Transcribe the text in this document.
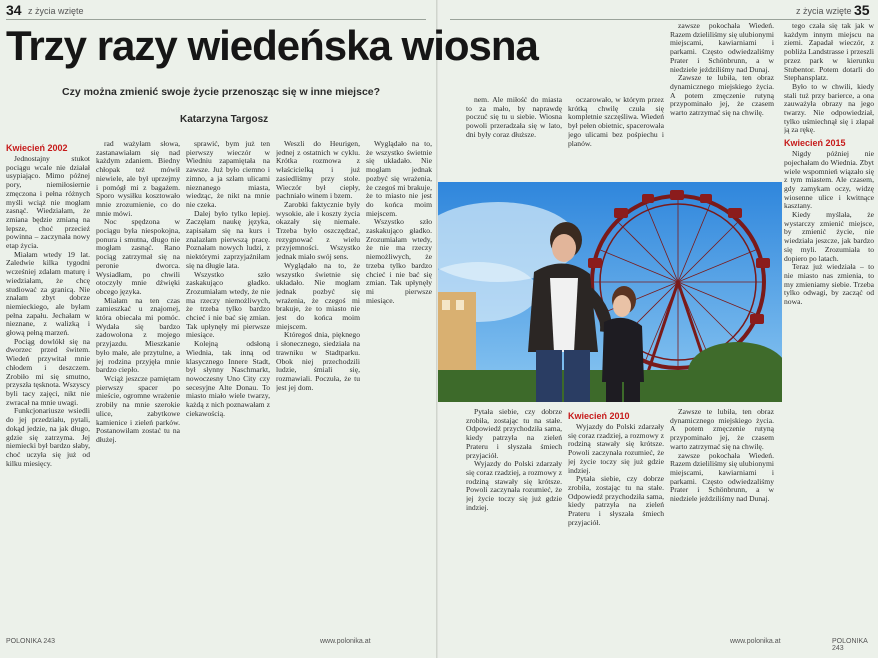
34 z życia wzięte
Kwiecień 2002

Jednostajny stukot pociągu wcale nie działał usypiająco. Mimo późnej pory, niemiłosiernie zmęczona i pełna różnych myśli wciąż nie mogłam zasnąć. Wiedziałam, że zmiana będzie zmianą na lepsze, choć przecież powinna – zaczynała nowy etap życia.

Miałam wtedy 19 lat. Zaledwie kilka tygodni wcześniej zdałam maturę i wiedziałam, że chcę studiować za granicą. Nie znałam zbyt dobrze niemieckiego, ale byłam pełna zapału. Jechałam w nieznane, z walizką i głową pełną marzeń.

Pociąg dowlókł się na dworzec przed świtem. Wiedeń przywitał mnie chłodem i deszczem. Zrobiło mi się smutno, przyszła tęsknota. Wszyscy byli tacy zajęci, nikt nie zwracał na mnie uwagi.

Funkcjonariusze wsiedli do jej przedziału, pytali, dokąd jedzie, na jak długo, gdzie się zatrzyma. Jej niemiecki był bardzo słaby, choć uczyła się już od kilku miesięcy.

rad ważyłam słowa, zastanawiałam się nad każdym zdaniem. Biedny chłopak też mówił niewiele, ale był uprzejmy i pomógł mi z bagażem. Sporo wysiłku kosztowało mnie zrozumienie, co do mnie mówi.

Noc spędzona w pociągu była niespokojna, ponura i smutna, długo nie mogłam zasnąć. Rano pociąg zatrzymał się na peronie dworca. Wysiadłam, po chwili otoczyły mnie dźwięki obcego języka.

Miałam na ten czas zamieszkać u znajomej, która obiecała mi pomóc. Wydała się bardzo zadowolona z mojego przyjazdu. Mieszkanie było małe, ale przytulne, a jej rodzina przyjęła mnie bardzo ciepło.

Wciąż jeszcze pamiętam pierwszy spacer po mieście, ogromne wrażenie zrobiły na mnie szerokie ulice, zabytkowe kamienice i zieleń parków. Postanowiłam zostać tu na dłużej.

sprawić, bym już ten pierwszy wieczór w Wiedniu zapamiętała na zawsze. Już było ciemno i zimno, a ja szłam ulicami nieznanego miasta, wiedząc, że nikt na mnie nie czeka.

Dalej było tylko lepiej. Zaczęłam naukę języka, zapisałam się na kurs i znalazłam pierwszą pracę. Poznałam nowych ludzi, z niektórymi zaprzyjaźniłam się na długie lata.

Wszystko szło zaskakująco gładko. Zrozumiałam wtedy, że nie ma rzeczy niemożliwych, że trzeba tylko bardzo chcieć i nie bać się zmian. Tak upłynęły mi pierwsze miesiące.

Kolejną odsłoną Wiednia, tak inną od klasycznego Innere Stadt, był słynny Naschmarkt, nowoczesny Uno City czy secesyjne Alte Donau. To miasto miało wiele twarzy, każdą z nich poznawałam z ciekawością.

Weszli do Heurigen, jednej z ostatnich w cyklu. Krótka rozmowa z właścicielką i już zasiedliśmy przy stole. Wieczór był ciepły, pachniało winem i bzem.

Zarobki faktycznie były wysokie, ale i koszty życia okazały się niemałe. Trzeba było oszczędzać, rezygnować z wielu przyjemności. Wszystko jednak miało swój sens.

Wyglądało na to, że wszystko świetnie się układało. Nie mogłam jednak pozbyć się wrażenia, że czegoś mi brakuje, że to miasto nie jest do końca moim miejscem.

Któregoś dnia, pięknego i słonecznego, siedziała na trawniku w Stadtparku. Obok niej przechodzili ludzie, śmiali się, rozmawiali. Poczuła, że tu jest jej dom.

Wyglądało na to, że wszystko świetnie się układało. Nie mogłam jednak pozbyć się wrażenia, że czegoś mi brakuje, że to miasto nie jest do końca moim miejscem.

Wszystko szło zaskakująco gładko. Zrozumiałam wtedy, że nie ma rzeczy niemożliwych, że trzeba tylko bardzo chcieć i nie bać się zmian. Tak upłynęły mi pierwsze miesiące.

POLONIKA 243	www.polonika.at
z życia wzięte 35

nem. Ale miłość do miasta to za mało, by naprawdę poczuć się tu u siebie. Wiosna powoli przeradzała się w lato, dni były coraz dłuższe.

oczarowało, w którym przez krótką chwilę czuła się kompletnie szczęśliwa. Wiedeń był pełen obietnic, spacerowała jego ulicami bez pośpiechu i planów.

zawsze pokochała Wiedeń. Razem dzieliliśmy się ulubionymi miejscami, kawiarniami i parkami. Często odwiedzaliśmy Prater i Schönbrunn, a w niedziele jeździliśmy nad Dunaj.

Zawsze te lubiła, ten obraz dynamicznego miejskiego życia. A potem zmęczenie rutyną przypominało jej, że czasem warto zatrzymać się na chwilę.

tego czała się tak jak w każdym innym miejscu na ziemi. Zapadał wieczór, z pobliża Landstrasse i przeszli przez park w kierunku Stubentor. Potem dotarli do Stephansplatz.

Było to w chwili, kiedy stali tuż przy barierce, a ona zauważyła obrazy na jego twarzy. Nie odpowiedział, tylko uśmiechnął się i złapał ją za rękę.

Kwiecień 2015

Nigdy później nie pojechałam do Wiednia. Zbyt wiele wspomnień wiązało się z tym miastem. Ale czasem, gdy zamykam oczy, widzę wiosenne ulice i kwitnące kasztany.

Kiedy myślała, że wystarczy zmienić miejsce, by zmienić życie, nie wiedziała jeszcze, jak bardzo się myli. Zrozumiała to dopiero po latach.

Teraz już wiedziała – to nie miasto nas zmienia, to my zmieniamy siebie. Trzeba tylko odwagi, by zacząć od nowa.

Pytała siebie, czy dobrze zrobiła, zostając tu na stałe. Odpowiedź przychodziła sama, kiedy patrzyła na zieleń Prateru i słyszała śmiech przyjaciół.

Wyjazdy do Polski zdarzały się coraz rzadziej, a rozmowy z rodziną stawały się krótsze. Powoli zaczynała rozumieć, że jej życie toczy się już gdzie indziej.

Kwiecień 2010

Wyjazdy do Polski zdarzały się coraz rzadziej, a rozmowy z rodziną stawały się krótsze. Powoli zaczynała rozumieć, że jej życie toczy się już gdzie indziej.

Pytała siebie, czy dobrze zrobiła, zostając tu na stałe. Odpowiedź przychodziła sama, kiedy patrzyła na zieleń Prateru i słyszała śmiech przyjaciół.

Zawsze te lubiła, ten obraz dynamicznego miejskiego życia. A potem zmęczenie rutyną przypominało jej, że czasem warto zatrzymać się na chwilę.

zawsze pokochała Wiedeń. Razem dzieliliśmy się ulubionymi miejscami, kawiarniami i parkami. Często odwiedzaliśmy Prater i Schönbrunn, a w niedziele jeździliśmy nad Dunaj.

www.polonika.at	POLONIKA 243
Trzy razy wiedeńska wiosna
Czy można zmienić swoje życie przenosząc się w inne miejsce?
Katarzyna Targosz
